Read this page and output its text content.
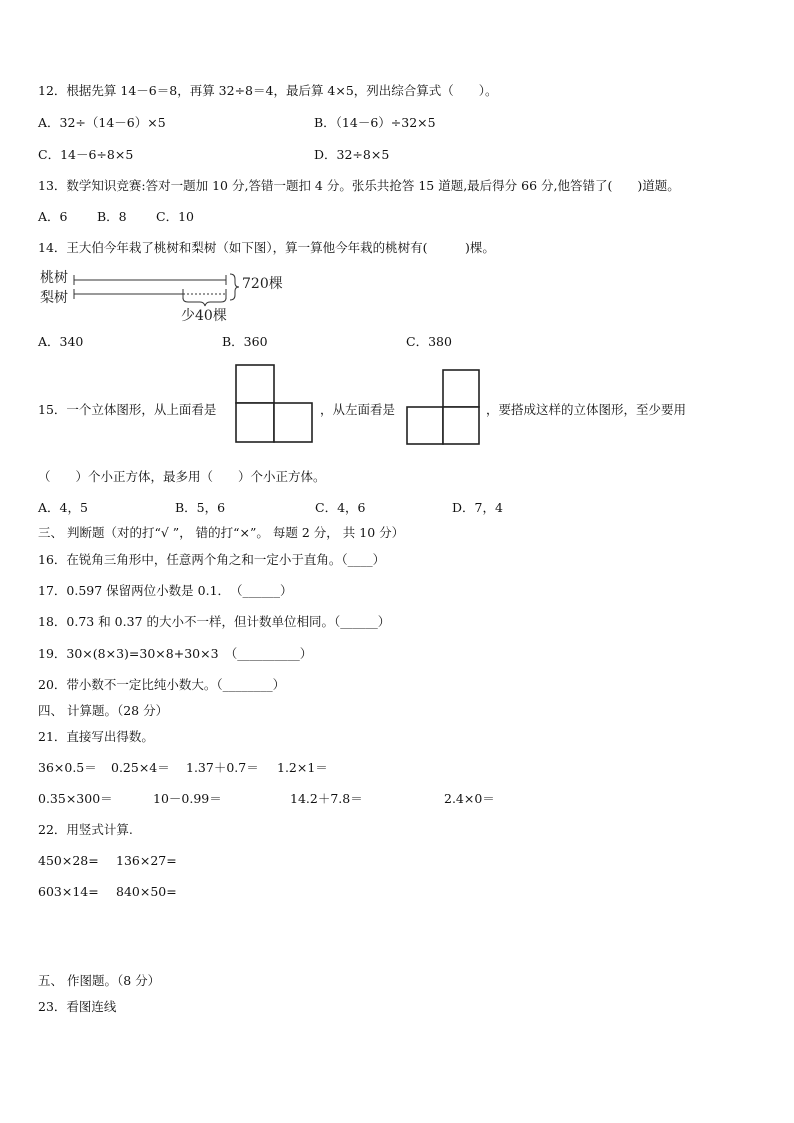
12．根据先算 14－6＝8，再算 32÷8＝4，最后算 4×5，列出综合算式（　　）。
A．32÷（14－6）×5	B．（14－6）÷32×5
C．14－6÷8×5	D．32÷8×5
13．数学知识竞赛:答对一题加 10 分,答错一题扣 4 分。张乐共抢答 15 道题,最后得分 66 分,他答错了(　　)道题。
A．6 B．8 C．10
14．王大伯今年栽了桃树和梨树（如下图），算一算他今年栽的桃树有(　　　)棵。
桃树
梨树
720棵
少40棵
A．340	B．360	C．380
15．一个立体图形，从上面看是	，从左面看是	，要搭成这样的立体图形，至少要用
（　　）个小正方体，最多用（　　）个小正方体。
A．4，5	B．5，6	C．4，6	D．7，4
三、 判断题（对的打“√ ”， 错的打“×”。 每题 2 分， 共 10 分）
16．在锐角三角形中，任意两个角之和一定小于直角。（____）
17．0.597 保留两位小数是 0.1．　（______）
18．0.73 和 0.37 的大小不一样，但计数单位相同。（______）
19．30×(8×3)=30×8+30×3　（__________）
20．带小数不一定比纯小数大。（________）
四、 计算题。（28 分）
21．直接写出得数。
36×0.5＝ 0.25×4＝ 1.37＋0.7＝ 1.2×1＝
0.35×300＝	10－0.99＝	14.2＋7.8＝	2.4×0＝
22．用竖式计算.
450×28= 136×27=
603×14= 840×50=
五、 作图题。（8 分）
23．看图连线
